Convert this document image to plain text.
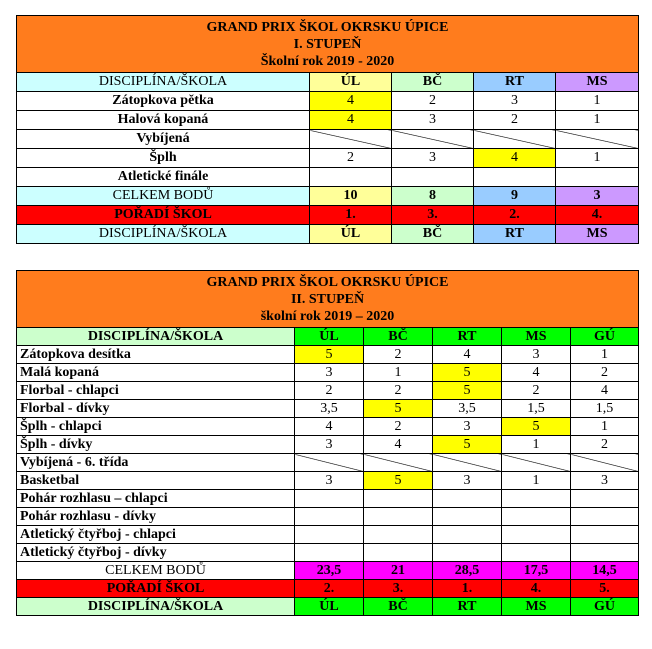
GRAND PRIX ŠKOL OKRSKU ÚPICE
I. STUPEŇ
Školní rok 2019 - 2020				

DISCIPLÍNA/ŠKOLA	ÚL	BČ	RT	MS
Zátopkova pětka	4	2	3	1
Halová kopaná	4	3	2	1
Vybíjená				
Šplh	2	3	4	1
Atletické finále				
CELKEM BODŮ	10	8	9	3
POŘADÍ ŠKOL	1.	3.	2.	4.
DISCIPLÍNA/ŠKOLA	ÚL	BČ	RT	MS
GRAND PRIX ŠKOL OKRSKU ÚPICE
II. STUPEŇ
školní rok 2019 – 2020					

DISCIPLÍNA/ŠKOLA	ÚL	BČ	RT	MS	GÚ
Zátopkova desítka	5	2	4	3	1
Malá kopaná	3	1	5	4	2
Florbal - chlapci	2	2	5	2	4
Florbal - dívky	3,5	5	3,5	1,5	1,5
Šplh - chlapci	4	2	3	5	1
Šplh - dívky	3	4	5	1	2
Vybíjená - 6. třída					
Basketbal	3	5	3	1	3
Pohár rozhlasu – chlapci					
Pohár rozhlasu - dívky					
Atletický čtyřboj - chlapci					
Atletický čtyřboj - dívky					
CELKEM BODŮ	23,5	21	28,5	17,5	14,5
POŘADÍ ŠKOL	2.	3.	1.	4.	5.
DISCIPLÍNA/ŠKOLA	ÚL	BČ	RT	MS	GÚ
